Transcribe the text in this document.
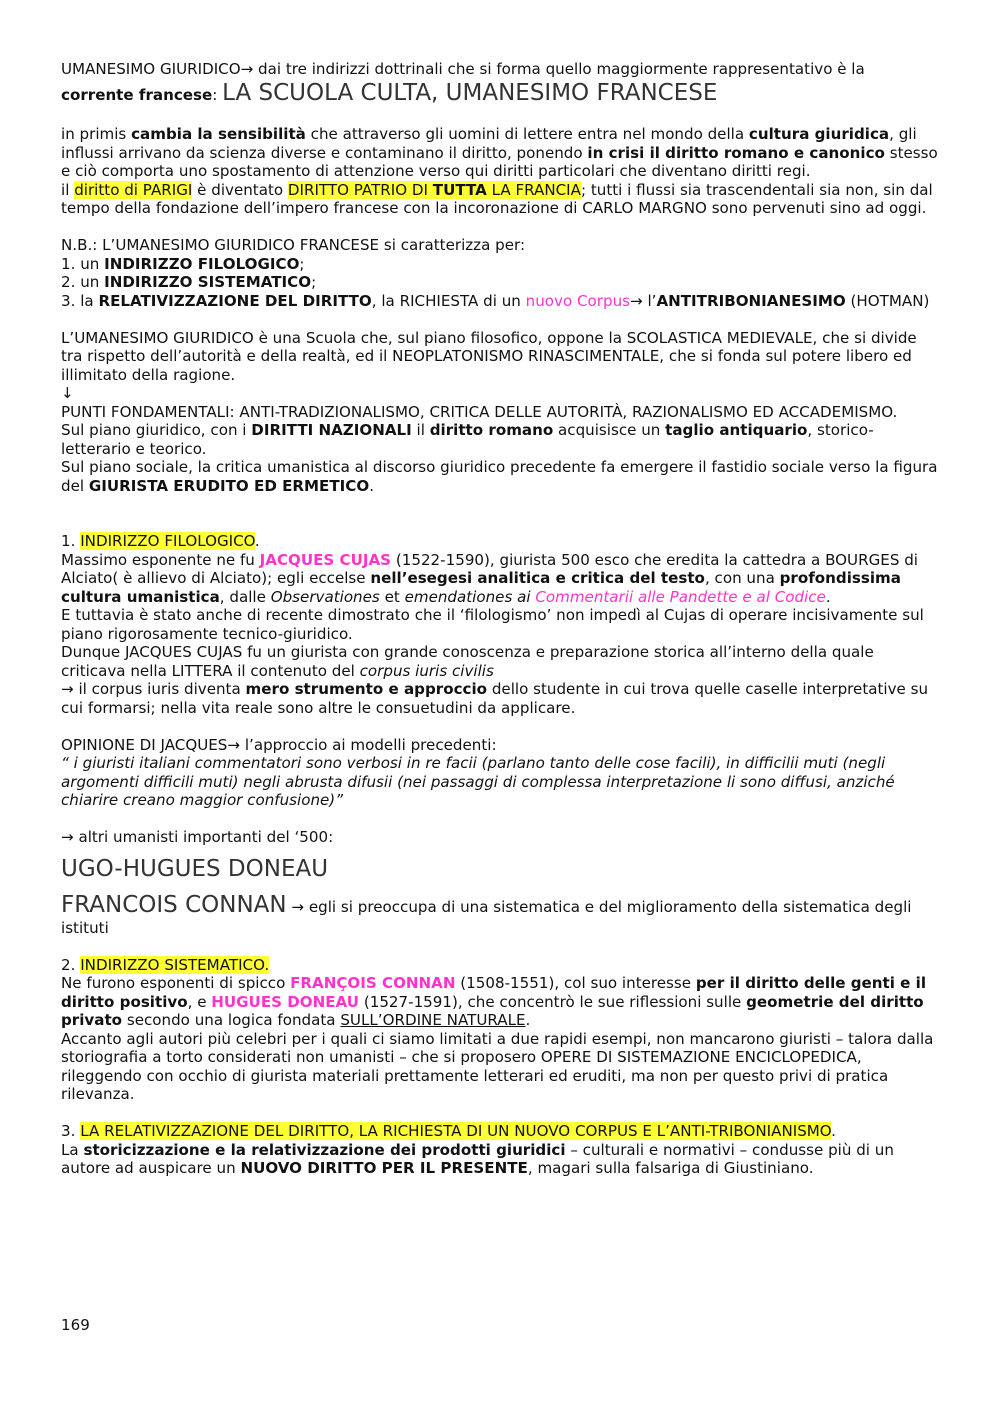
UMANESIMO GIURIDICO→ dai tre indirizzi dottrinali che si forma quello maggiormente rappresentativo è la
corrente francese: LA SCUOLA CULTA, UMANESIMO FRANCESE

in primis cambia la sensibilità che attraverso gli uomini di lettere entra nel mondo della cultura giuridica, gli influssi arrivano da scienza diverse e contaminano il diritto, ponendo in crisi il diritto romano e canonico stesso e ciò comporta uno spostamento di attenzione verso qui diritti particolari che diventano diritti regi.

il diritto di PARIGI è diventato DIRITTO PATRIO DI TUTTA LA FRANCIA; tutti i flussi sia trascendentali sia non, sin dal tempo della fondazione dell’impero francese con la incoronazione di CARLO MARGNO sono pervenuti sino ad oggi.

N.B.: L’UMANESIMO GIURIDICO FRANCESE si caratterizza per:

1. un INDIRIZZO FILOLOGICO;

2. un INDIRIZZO SISTEMATICO;

3. la RELATIVIZZAZIONE DEL DIRITTO, la RICHIESTA di un nuovo Corpus→ l’ANTITRIBONIANESIMO (HOTMAN)

L’UMANESIMO GIURIDICO è una Scuola che, sul piano filosofico, oppone la SCOLASTICA MEDIEVALE, che si divide tra rispetto dell’autorità e della realtà, ed il NEOPLATONISMO RINASCIMENTALE, che si fonda sul potere libero ed illimitato della ragione.

↓

PUNTI FONDAMENTALI: ANTI-TRADIZIONALISMO, CRITICA DELLE AUTORITÀ, RAZIONALISMO ED ACCADEMISMO.

Sul piano giuridico, con i DIRITTI NAZIONALI il diritto romano acquisisce un taglio antiquario, storico-letterario e teorico.

Sul piano sociale, la critica umanistica al discorso giuridico precedente fa emergere il fastidio sociale verso la figura del GIURISTA ERUDITO ED ERMETICO.

1. INDIRIZZO FILOLOGICO.

Massimo esponente ne fu JACQUES CUJAS (1522-1590), giurista 500 esco che eredita la cattedra a BOURGES di Alciato( è allievo di Alciato); egli eccelse nell’esegesi analitica e critica del testo, con una profondissima cultura umanistica, dalle Observationes et emendationes ai Commentarii alle Pandette e al Codice.

E tuttavia è stato anche di recente dimostrato che il ‘filologismo’ non impedì al Cujas di operare incisivamente sul piano rigorosamente tecnico-giuridico.

Dunque JACQUES CUJAS fu un giurista con grande conoscenza e preparazione storica all’interno della quale criticava nella LITTERA il contenuto del corpus iuris civilis

→ il corpus iuris diventa mero strumento e approccio dello studente in cui trova quelle caselle interpretative su cui formarsi; nella vita reale sono altre le consuetudini da applicare.

OPINIONE DI JACQUES→ l’approccio ai modelli precedenti:

“ i giuristi italiani commentatori sono verbosi in re facii (parlano tanto delle cose facili), in difficilii muti (negli argomenti difficili muti) negli abrusta difusii (nei passaggi di complessa interpretazione li sono diffusi, anziché chiarire creano maggior confusione)”

→ altri umanisti importanti del ‘500:

UGO-HUGUES DONEAU

FRANCOIS CONNAN → egli si preoccupa di una sistematica e del miglioramento della sistematica degli istituti

2. INDIRIZZO SISTEMATICO.

Ne furono esponenti di spicco FRANÇOIS CONNAN (1508-1551), col suo interesse per il diritto delle genti e il diritto positivo, e HUGUES DONEAU (1527-1591), che concentrò le sue riflessioni sulle geometrie del diritto privato secondo una logica fondata SULL’ORDINE NATURALE.

Accanto agli autori più celebri per i quali ci siamo limitati a due rapidi esempi, non mancarono giuristi – talora dalla storiografia a torto considerati non umanisti – che si proposero OPERE DI SISTEMAZIONE ENCICLOPEDICA, rileggendo con occhio di giurista materiali prettamente letterari ed eruditi, ma non per questo privi di pratica rilevanza.

3. LA RELATIVIZZAZIONE DEL DIRITTO, LA RICHIESTA DI UN NUOVO CORPUS E L’ANTI-TRIBONIANISMO.

La storicizzazione e la relativizzazione dei prodotti giuridici – culturali e normativi – condusse più di un autore ad auspicare un NUOVO DIRITTO PER IL PRESENTE, magari sulla falsariga di Giustiniano.

169
